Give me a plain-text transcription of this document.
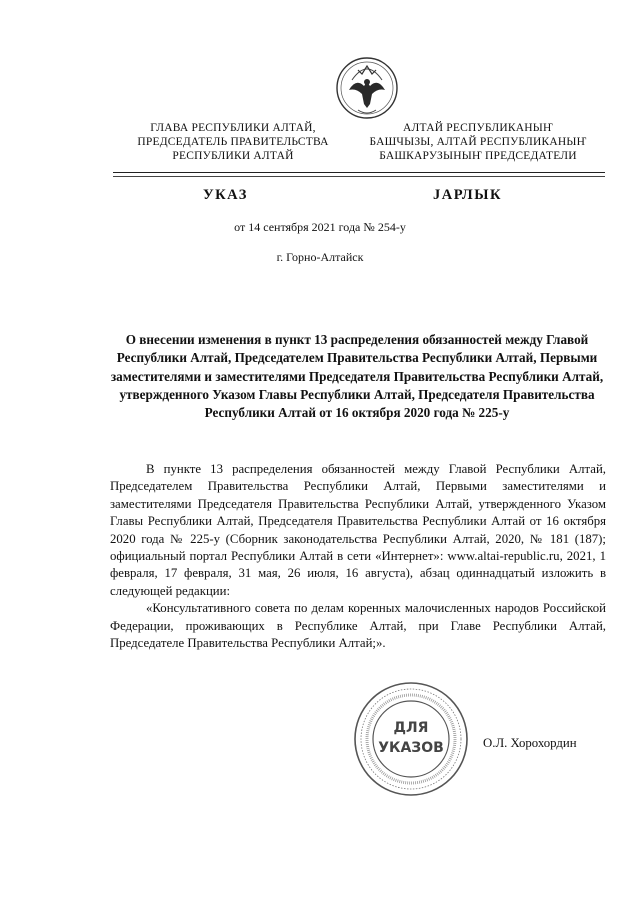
ГЛАВА РЕСПУБЛИКИ АЛТАЙ,
ПРЕДСЕДАТЕЛЬ ПРАВИТЕЛЬСТВА
РЕСПУБЛИКИ АЛТАЙ
АЛТАЙ РЕСПУБЛИКАНЫҤ
БАШЧЫЗЫ, АЛТАЙ РЕСПУБЛИКАНЫҤ
БАШКАРУЗЫНЫҤ ПРЕДСЕДАТЕЛИ
УКАЗ	ЈАРЛЫК
от 14 сентября 2021 года № 254-у
г. Горно-Алтайск
О внесении изменения в пункт 13 распределения обязанностей между Главой Республики Алтай, Председателем Правительства Республики Алтай, Первыми заместителями и заместителями Председателя Правительства Республики Алтай, утвержденного Указом Главы Республики Алтай, Председателя Правительства Республики Алтай от 16 октября 2020 года № 225-у

В пункте 13 распределения обязанностей между Главой Республики Алтай, Председателем Правительства Республики Алтай, Первыми заместителями и заместителями Председателя Правительства Республики Алтай, утвержденного Указом Главы Республики Алтай, Председателя Правительства Республики Алтай от 16 октября 2020 года № 225-у (Сборник законодательства Республики Алтай, 2020, № 181 (187); официальный портал Республики Алтай в сети «Интернет»: www.altai-republic.ru, 2021, 1 февраля, 17 февраля, 31 мая, 26 июля, 16 августа), абзац одиннадцатый изложить в следующей редакции:

«Консультативного совета по делам коренных малочисленных народов Российской Федерации, проживающих в Республике Алтай, при Главе Республики Алтай, Председателе Правительства Республики Алтай;».

ДЛЯ
УКАЗОВ	О.Л. Хорохордин
